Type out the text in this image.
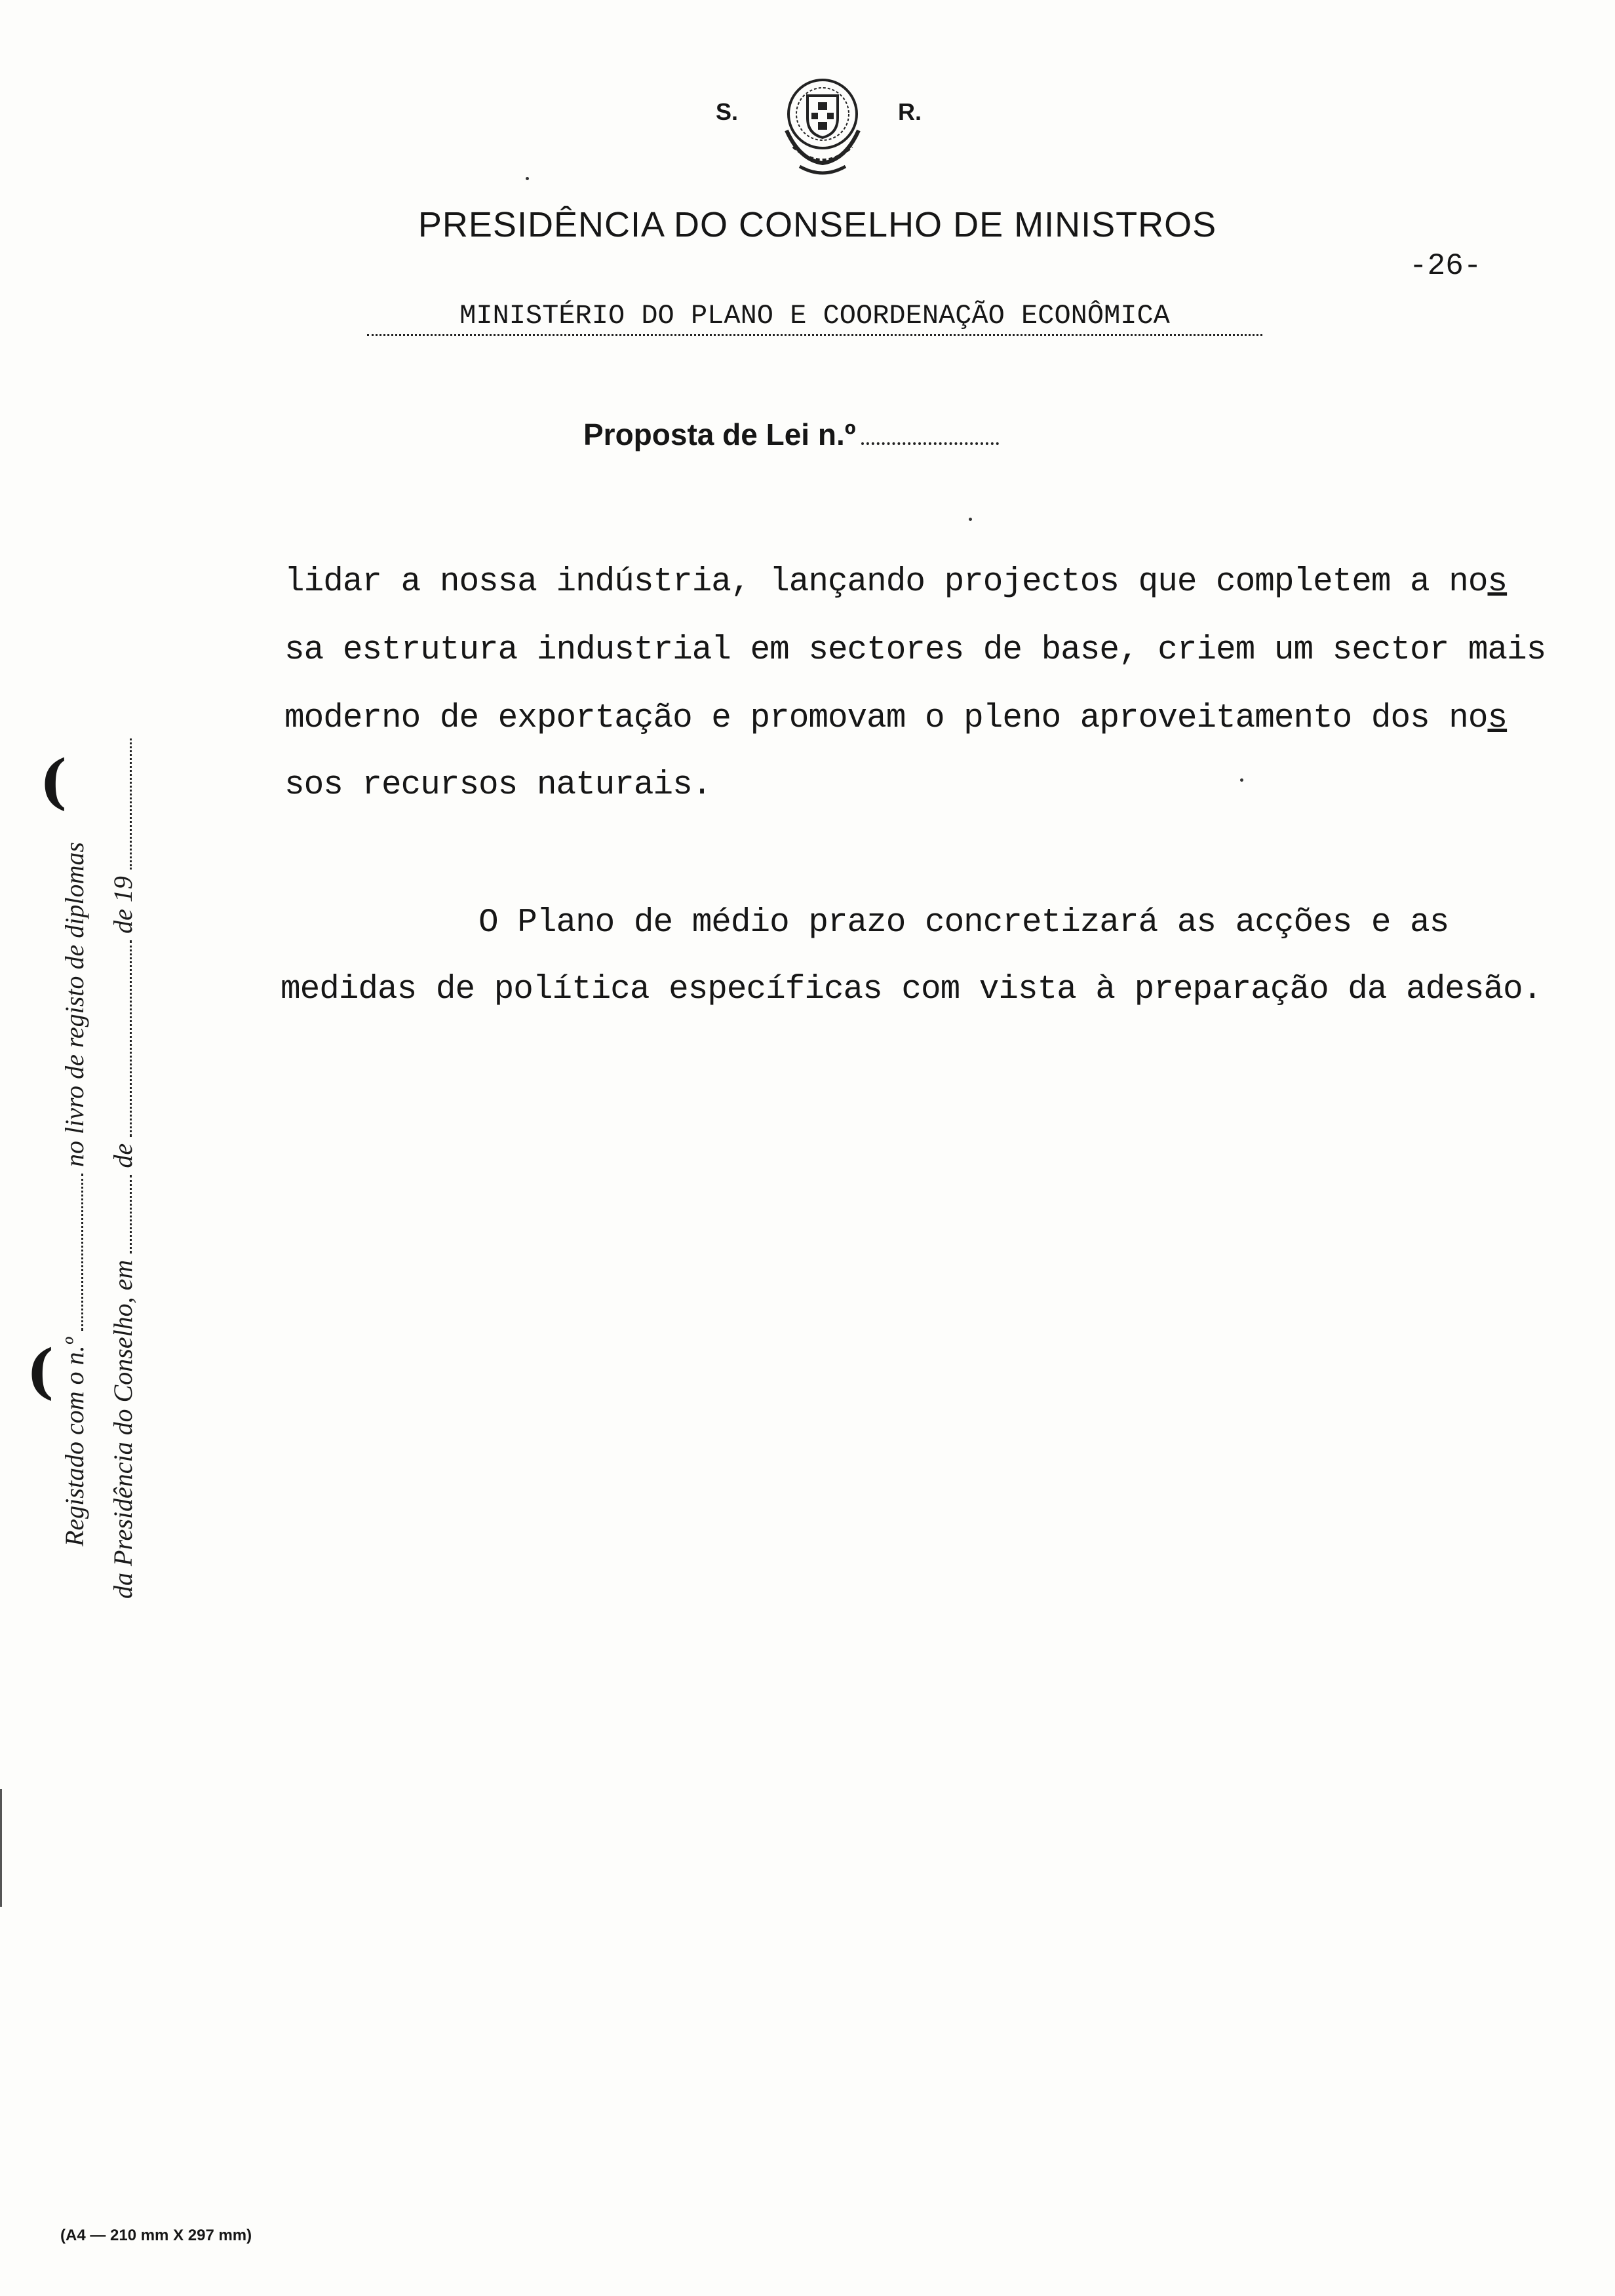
S.	R.
PRESIDÊNCIA DO CONSELHO DE MINISTROS
-26-
MINISTÉRIO DO PLANO E COORDENAÇÃO ECONÔMICA
Proposta de Lei n.º
lidar a nossa indústria, lançando projectos que completem a nos
sa estrutura industrial em sectores de base, criem um sector mais
moderno de exportação e promovam o pleno aproveitamento dos nos
sos recursos naturais.
O Plano de médio prazo concretizará as acções e as
medidas de política específicas com vista à preparação da adesão.
Registado com o n.º  no livro de registo de diplomas
da Presidência do Conselho, em  de  de 19
(
(
(A4 — 210 mm X 297 mm)
